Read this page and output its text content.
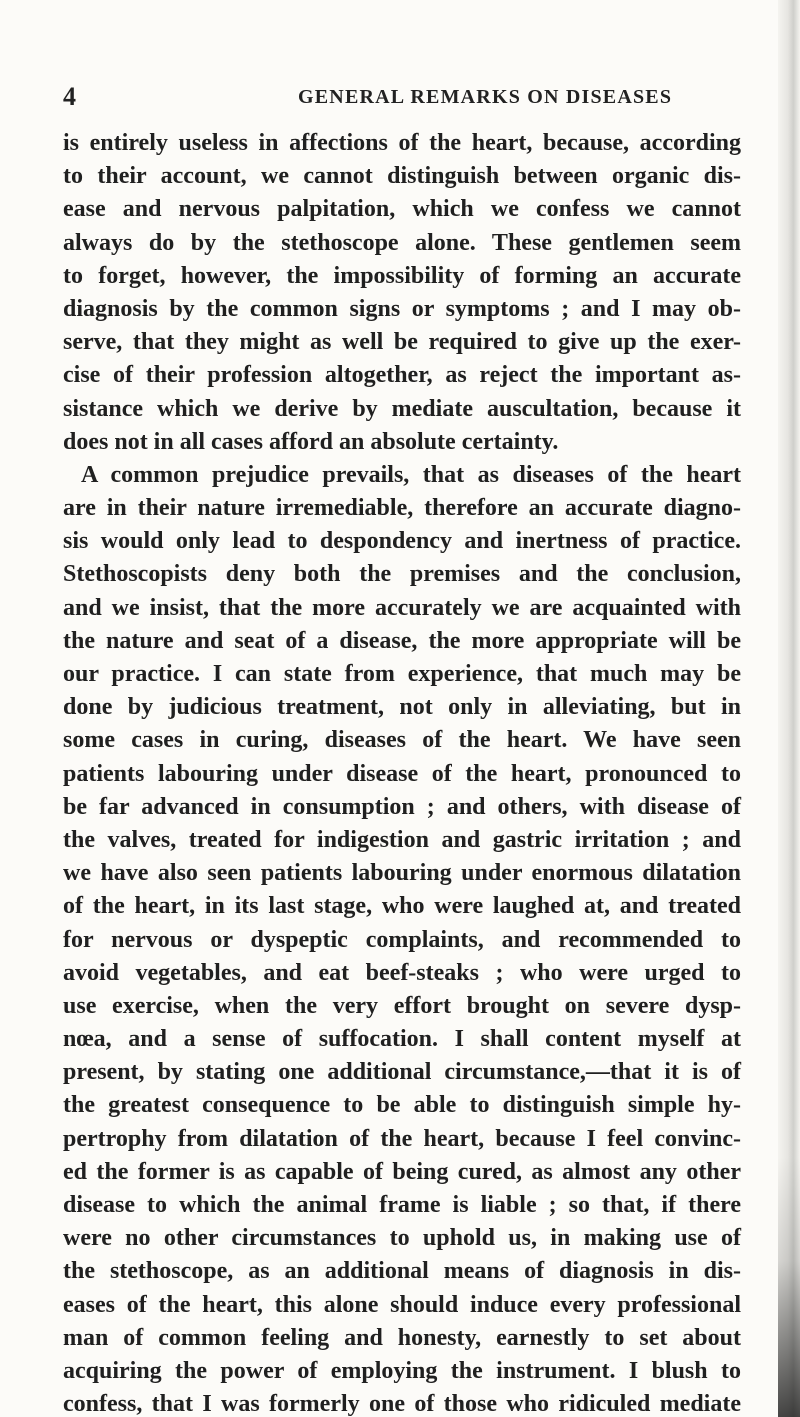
4	GENERAL REMARKS ON DISEASES
is entirely useless in affections of the heart, because, according
to their account, we cannot distinguish between organic dis-
ease and nervous palpitation, which we confess we cannot
always do by the stethoscope alone. These gentlemen seem
to forget, however, the impossibility of forming an accurate
diagnosis by the common signs or symptoms ; and I may ob-
serve, that they might as well be required to give up the exer-
cise of their profession altogether, as reject the important as-
sistance which we derive by mediate auscultation, because it
does not in all cases afford an absolute certainty.
A common prejudice prevails, that as diseases of the heart
are in their nature irremediable, therefore an accurate diagno-
sis would only lead to despondency and inertness of practice.
Stethoscopists deny both the premises and the conclusion,
and we insist, that the more accurately we are acquainted with
the nature and seat of a disease, the more appropriate will be
our practice. I can state from experience, that much may be
done by judicious treatment, not only in alleviating, but in
some cases in curing, diseases of the heart. We have seen
patients labouring under disease of the heart, pronounced to
be far advanced in consumption ; and others, with disease of
the valves, treated for indigestion and gastric irritation ; and
we have also seen patients labouring under enormous dilatation
of the heart, in its last stage, who were laughed at, and treated
for nervous or dyspeptic complaints, and recommended to
avoid vegetables, and eat beef-steaks ; who were urged to
use exercise, when the very effort brought on severe dysp-
nœa, and a sense of suffocation. I shall content myself at
present, by stating one additional circumstance,—that it is of
the greatest consequence to be able to distinguish simple hy-
pertrophy from dilatation of the heart, because I feel convinc-
ed the former is as capable of being cured, as almost any other
disease to which the animal frame is liable ; so that, if there
were no other circumstances to uphold us, in making use of
the stethoscope, as an additional means of diagnosis in dis-
eases of the heart, this alone should induce every professional
man of common feeling and honesty, earnestly to set about
acquiring the power of employing the instrument. I blush to
confess, that I was formerly one of those who ridiculed mediate
